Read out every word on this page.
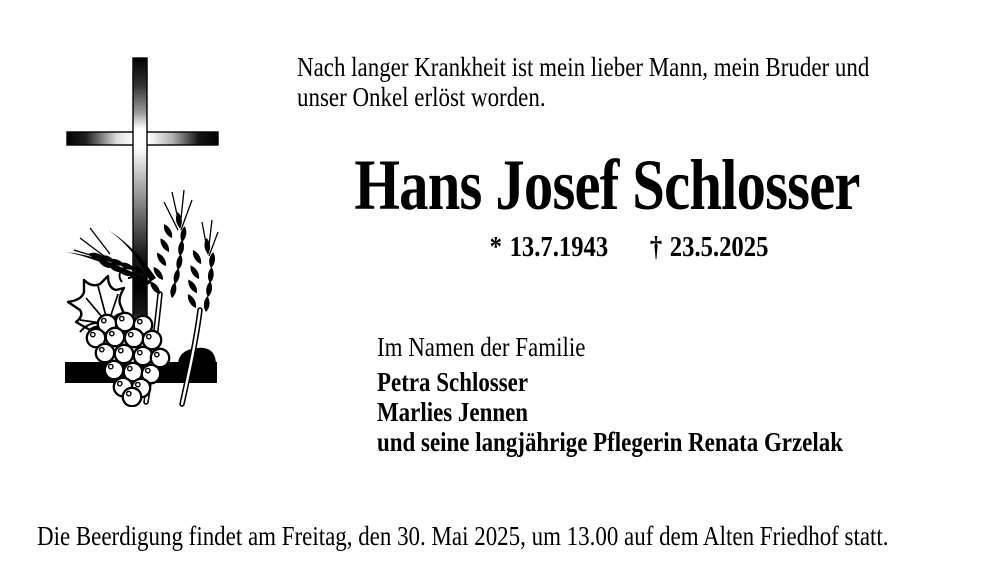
Nach langer Krankheit ist mein lieber Mann, mein Bruder und
unser Onkel erlöst worden.
Hans Josef Schlosser
* 13.7.1943 † 23.5.2025
Im Namen der Familie
Petra Schlosser
Marlies Jennen
und seine langjährige Pflegerin Renata Grzelak
Die Beerdigung findet am Freitag, den 30. Mai 2025, um 13.00 auf dem Alten Friedhof statt.
